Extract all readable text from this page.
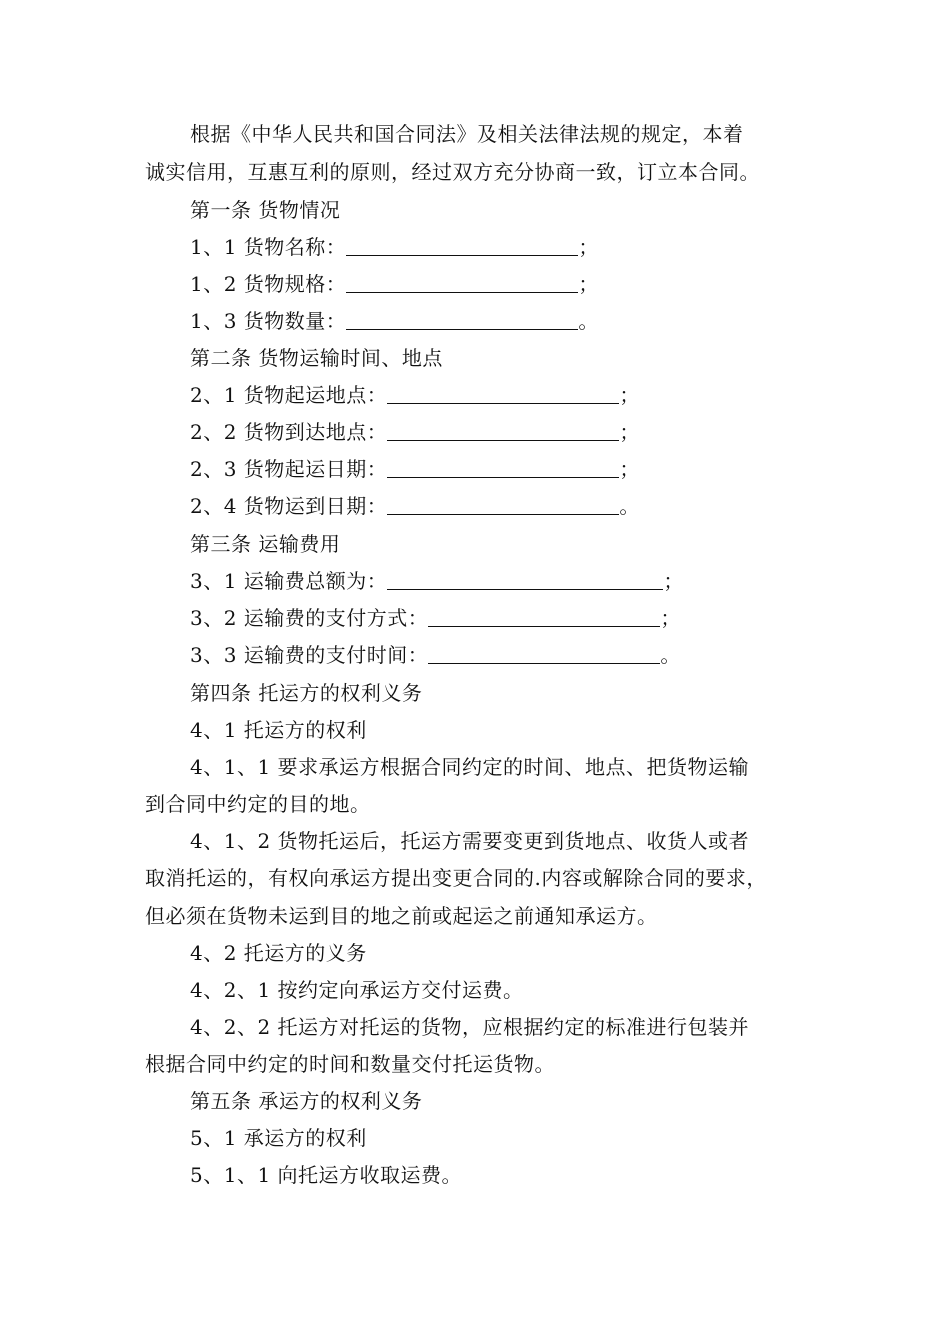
根据《中华人民共和国合同法》及相关法律法规的规定，本着
诚实信用，互惠互利的原则，经过双方充分协商一致，订立本合同。
第一条 货物情况
1、1 货物名称：	；
1、2 货物规格：	；
1、3 货物数量：	。
第二条 货物运输时间、地点
2、1 货物起运地点：	；
2、2 货物到达地点：	；
2、3 货物起运日期：	；
2、4 货物运到日期：	。
第三条 运输费用
3、1 运输费总额为：	；
3、2 运输费的支付方式：	；
3、3 运输费的支付时间：	。
第四条 托运方的权利义务
4、1 托运方的权利
4、1、1 要求承运方根据合同约定的时间、地点、把货物运输
到合同中约定的目的地。
4、1、2 货物托运后，托运方需要变更到货地点、收货人或者
取消托运的，有权向承运方提出变更合同的.内容或解除合同的要求，
但必须在货物未运到目的地之前或起运之前通知承运方。
4、2 托运方的义务
4、2、1 按约定向承运方交付运费。
4、2、2 托运方对托运的货物，应根据约定的标准进行包装并
根据合同中约定的时间和数量交付托运货物。
第五条 承运方的权利义务
5、1 承运方的权利
5、1、1 向托运方收取运费。
